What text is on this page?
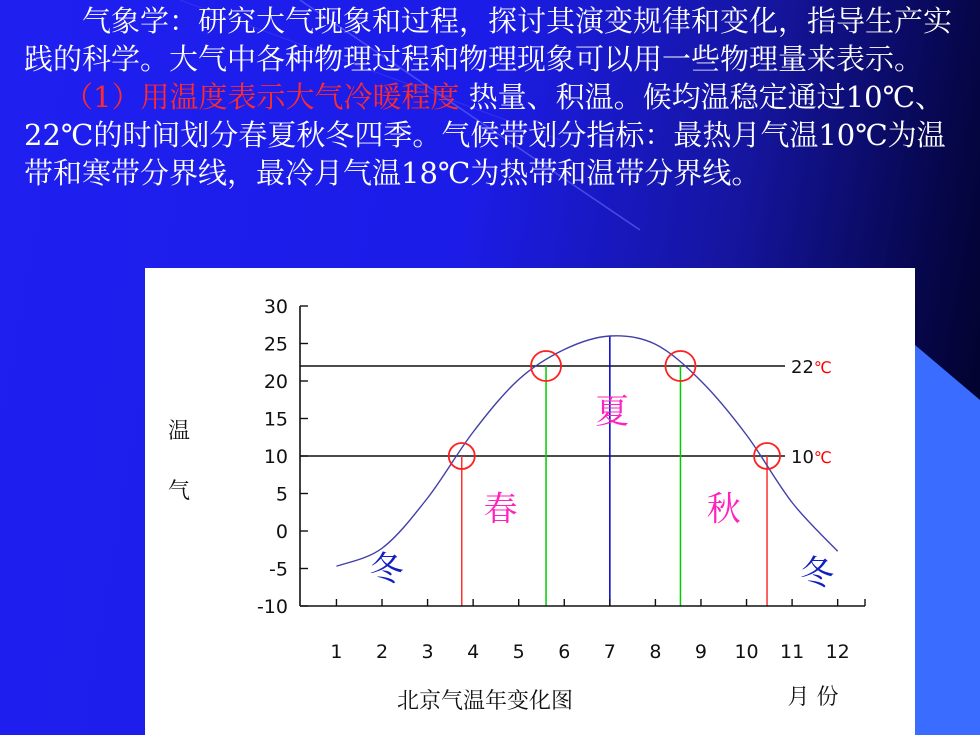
气象学：研究大气现象和过程，探讨其演变规律和变化，指导生产实践的科学。大气中各种物理过程和物理现象可以用一些物理量来表示。

（1）用温度表示大气冷暖程度 热量、积温。候均温稳定通过10℃、22℃的时间划分春夏秋冬四季。气候带划分指标：最热月气温10℃为温带和寒带分界线，最冷月气温18℃为热带和温带分界线。

22℃
10℃
30
25
20
15
10
5
0
-5
-10
1 2 3 4 5 6 7 8 9 10 11 12
冬
春
夏
秋
冬
气
温
北京气温年变化图	月 份
